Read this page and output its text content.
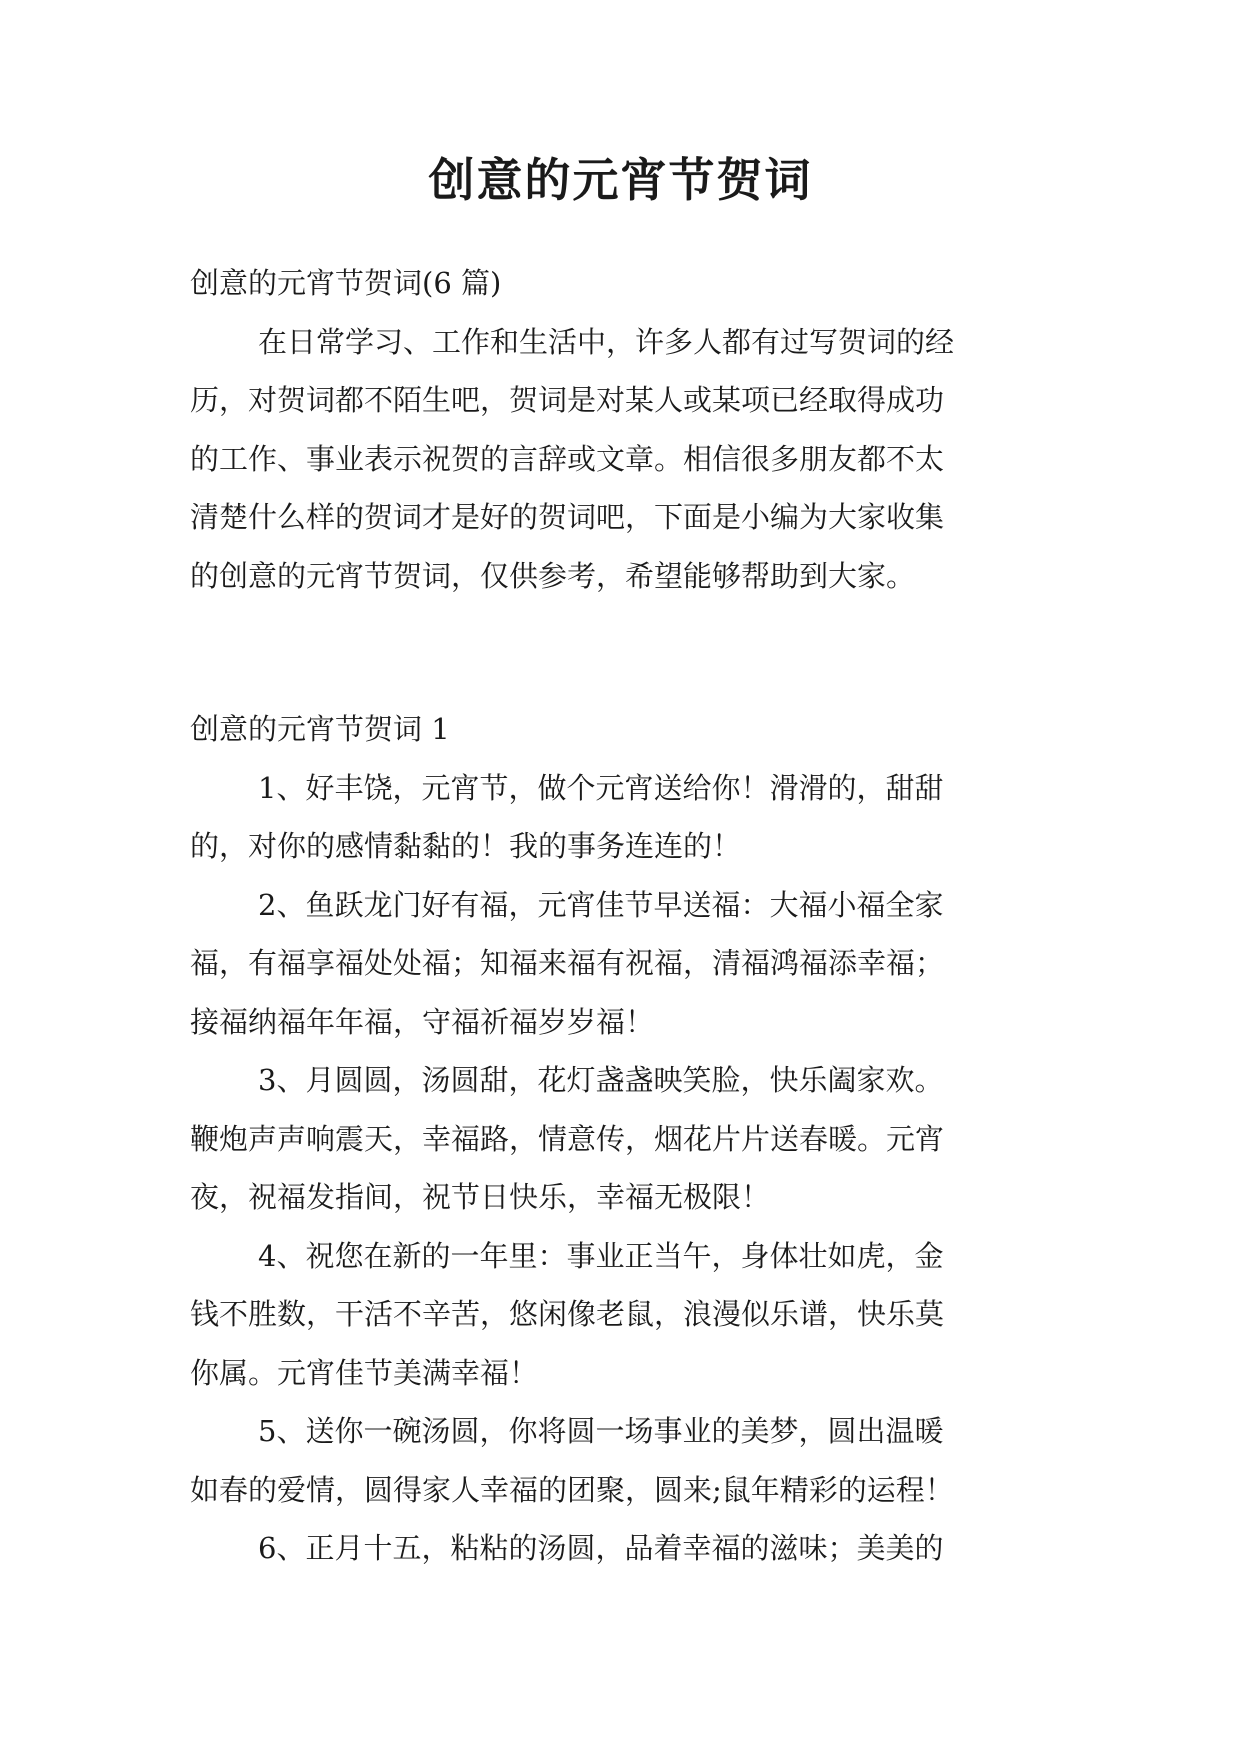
创意的元宵节贺词

创意的元宵节贺词(6 篇)

在日常学习、工作和生活中，许多人都有过写贺词的经

历，对贺词都不陌生吧，贺词是对某人或某项已经取得成功

的工作、事业表示祝贺的言辞或文章。相信很多朋友都不太

清楚什么样的贺词才是好的贺词吧，下面是小编为大家收集

的创意的元宵节贺词，仅供参考，希望能够帮助到大家。

创意的元宵节贺词 1

1、好丰饶，元宵节，做个元宵送给你！滑滑的，甜甜

的，对你的感情黏黏的！我的事务连连的！

2、鱼跃龙门好有福，元宵佳节早送福：大福小福全家

福，有福享福处处福；知福来福有祝福，清福鸿福添幸福；

接福纳福年年福，守福祈福岁岁福！

3、月圆圆，汤圆甜，花灯盏盏映笑脸，快乐阖家欢。

鞭炮声声响震天，幸福路，情意传，烟花片片送春暖。元宵

夜，祝福发指间，祝节日快乐，幸福无极限！

4、祝您在新的一年里：事业正当午，身体壮如虎，金

钱不胜数，干活不辛苦，悠闲像老鼠，浪漫似乐谱，快乐莫

你属。元宵佳节美满幸福！

5、送你一碗汤圆，你将圆一场事业的美梦，圆出温暖

如春的爱情，圆得家人幸福的团聚，圆来;鼠年精彩的运程！

6、正月十五，粘粘的汤圆，品着幸福的滋味；美美的
